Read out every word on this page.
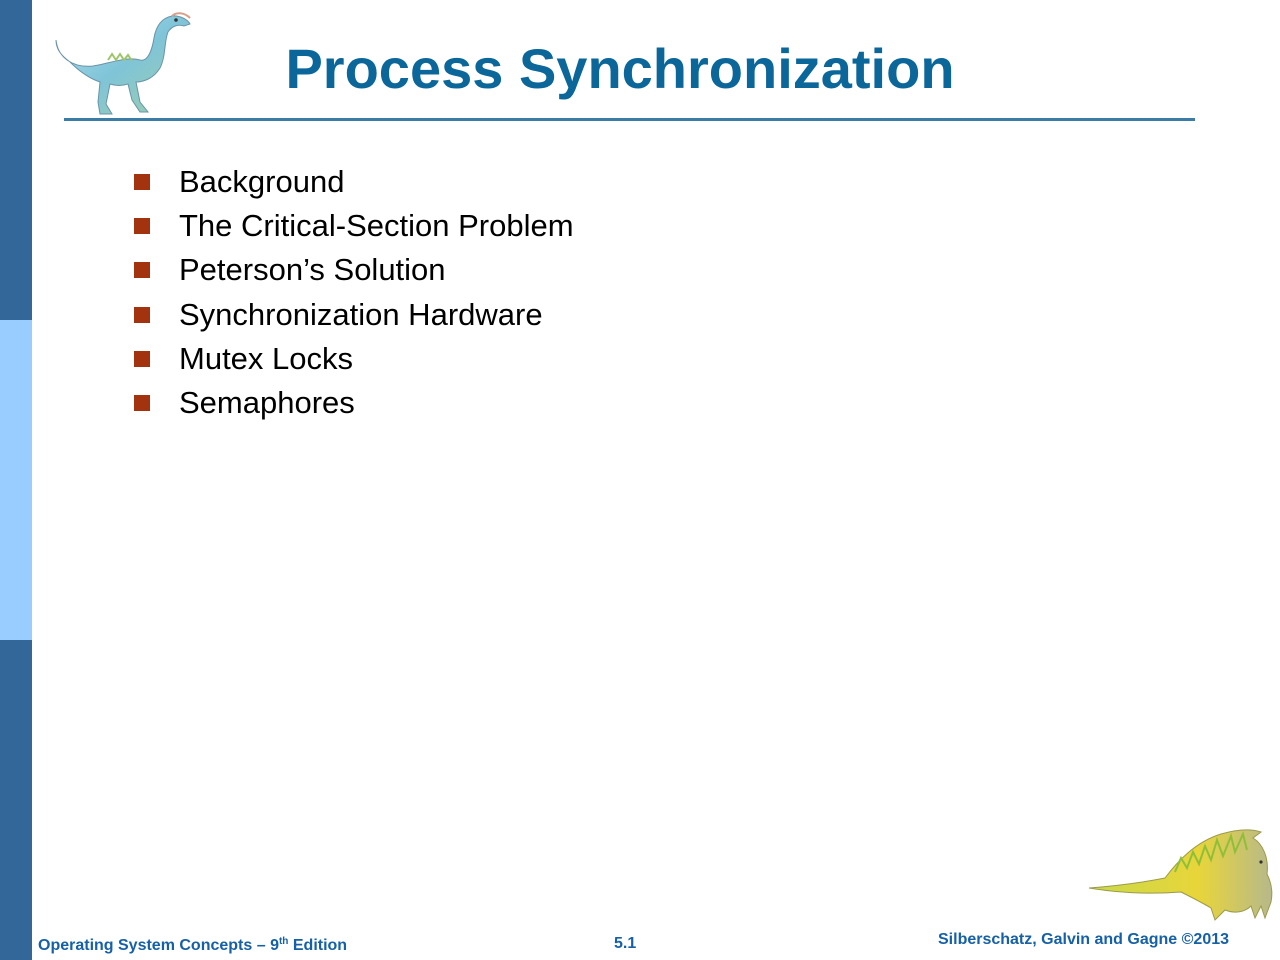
Process Synchronization
Background
The Critical-Section Problem
Peterson’s Solution
Synchronization Hardware
Mutex Locks
Semaphores
Operating System Concepts – 9th Edition	5.1	Silberschatz, Galvin and Gagne ©2013
